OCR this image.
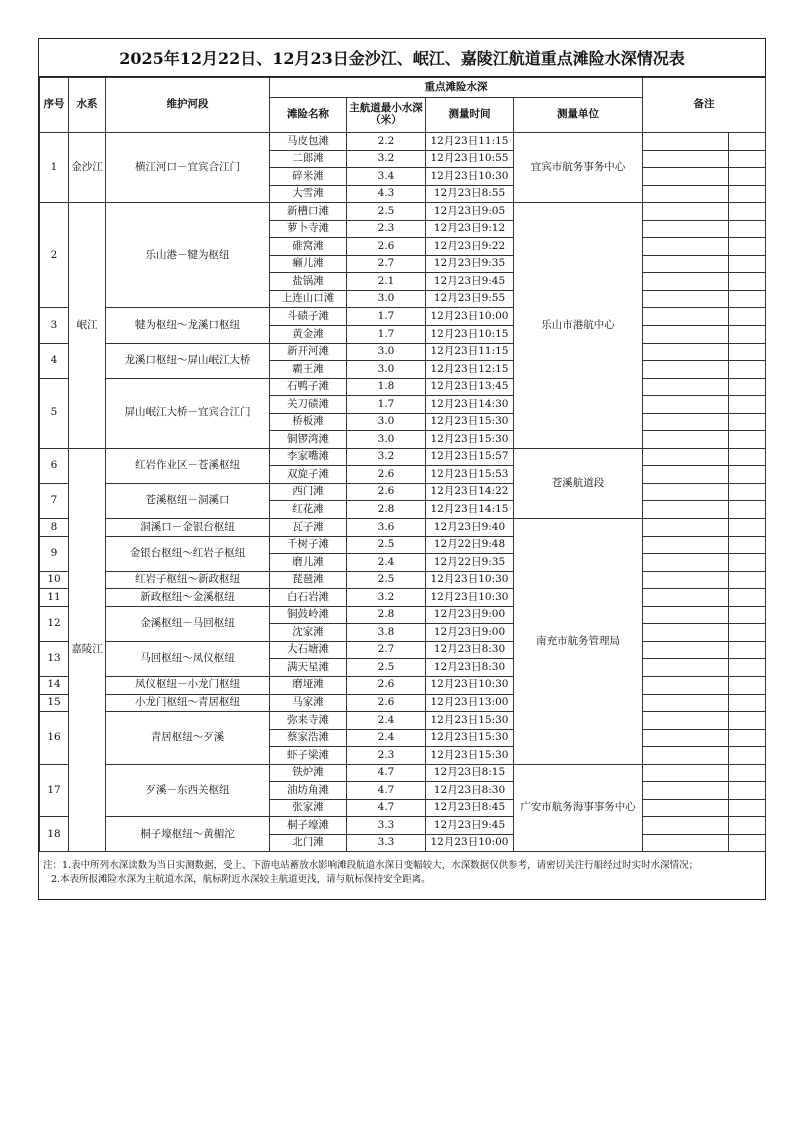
2025年12月22日、12月23日金沙江、岷江、嘉陵江航道重点滩险水深情况表
序号	水系	维护河段	重点滩险水深				备注	
			滩险名称	主航道最小水深（米）	测量时间	测量单位		
1	金沙江	横江河口－宜宾合江门	马皮包滩	2.2	12月23日11:15	宜宾市航务事务中心		
			二郎滩	3.2	12月23日10:55			
			碎米滩	3.4	12月23日10:30			
			大雪滩	4.3	12月23日8:55			
2	岷江	乐山港－犍为枢纽	新槽口滩	2.5	12月23日9:05	乐山市港航中心		
			萝卜寺滩	2.3	12月23日9:12			
			碓窝滩	2.6	12月23日9:22			
			癞儿滩	2.7	12月23日9:35			
			盐锅滩	2.1	12月23日9:45			
			上连山口滩	3.0	12月23日9:55			
3		犍为枢纽～龙溪口枢纽	斗碛子滩	1.7	12月23日10:00			
			黄金滩	1.7	12月23日10:15			
4		龙溪口枢纽～屏山岷江大桥	新开河滩	3.0	12月23日11:15			
			霸王滩	3.0	12月23日12:15			
5		屏山岷江大桥－宜宾合江门	石鸭子滩	1.8	12月23日13:45			
			关刀碛滩	1.7	12月23日14:30			
			桥板滩	3.0	12月23日15:30			
			铜锣湾滩	3.0	12月23日15:30			
6	嘉陵江	红岩作业区－苍溪枢纽	李家嘴滩	3.2	12月23日15:57	苍溪航道段		
			双旋子滩	2.6	12月23日15:53			
7		苍溪枢纽－洞溪口	西门滩	2.6	12月23日14:22			
			红花滩	2.8	12月23日14:15			
8		洞溪口－金银台枢纽	瓦子滩	3.6	12月23日9:40	南充市航务管理局		
9		金银台枢纽～红岩子枢纽	千树子滩	2.5	12月22日9:48			
			磨儿滩	2.4	12月22日9:35			
10		红岩子枢纽～新政枢纽	琵琶滩	2.5	12月23日10:30			
11		新政枢纽～金溪枢纽	白石岩滩	3.2	12月23日10:30			
12		金溪枢纽－马回枢纽	铜鼓岭滩	2.8	12月23日9:00			
			沈家滩	3.8	12月23日9:00			
13		马回枢纽～凤仪枢纽	大石塘滩	2.7	12月23日8:30			
			满天星滩	2.5	12月23日8:30			
14		凤仪枢纽－小龙门枢纽	磨垭滩	2.6	12月23日10:30			
15		小龙门枢纽～青居枢纽	马家滩	2.6	12月23日13:00			
16		青居枢纽～歹溪	弥来寺滩	2.4	12月23日15:30			
			蔡家浩滩	2.4	12月23日15:30			
			虾子梁滩	2.3	12月23日15:30			
17		歹溪－东西关枢纽	铁炉滩	4.7	12月23日8:15	广安市航务海事事务中心		
			油坊角滩	4.7	12月23日8:30			
			张家滩	4.7	12月23日8:45			
18		桐子壕枢纽～黄楣沱	桐子壕滩	3.3	12月23日9:45			
			北门滩	3.3	12月23日10:00			
注：1.表中所列水深读数为当日实测数据，受上、下游电站蓄放水影响滩段航道水深日变幅较大，水深数据仅供参考，请密切关注行船经过时实时水深情况；
2.本表所报滩险水深为主航道水深，航标附近水深较主航道更浅，请与航标保持安全距离。
